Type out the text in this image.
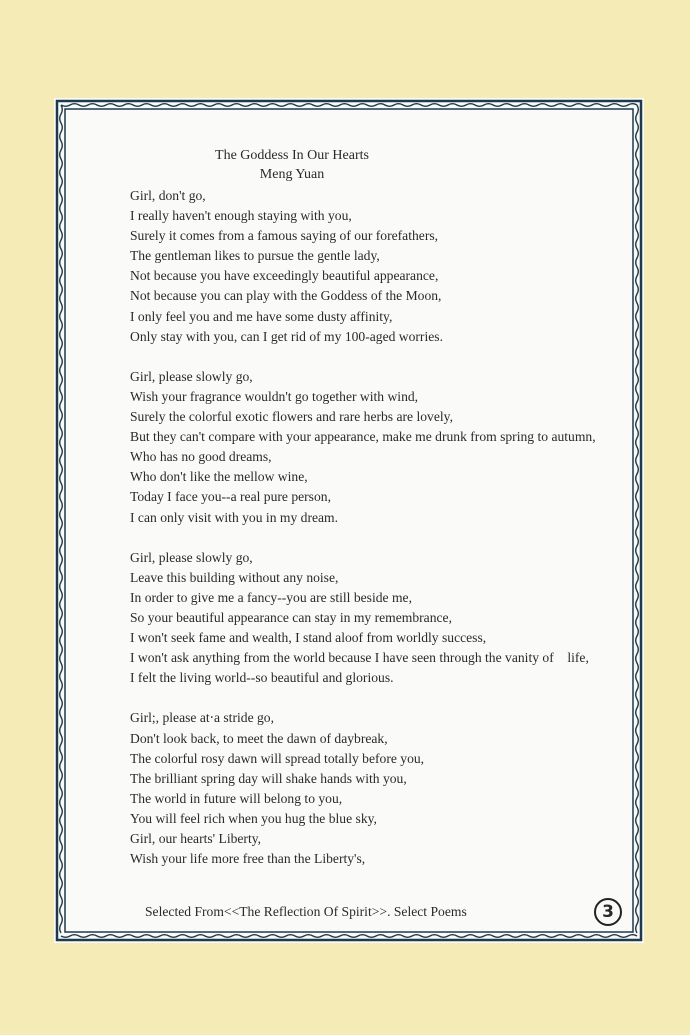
The Goddess In Our Hearts
Meng Yuan
Girl, don't go,
I really haven't enough staying with you,
Surely it comes from a famous saying of our forefathers,
The gentleman likes to pursue the gentle lady,
Not because you have exceedingly beautiful appearance,
Not because you can play with the Goddess of the Moon,
I only feel you and me have some dusty affinity,
Only stay with you, can I get rid of my 100-aged worries.
Girl, please slowly go,
Wish your fragrance wouldn't go together with wind,
Surely the colorful exotic flowers and rare herbs are lovely,
But they can't compare with your appearance, make me drunk from spring to autumn,
Who has no good dreams,
Who don't like the mellow wine,
Today I face you--a real pure person,
I can only visit with you in my dream.
Girl, please slowly go,
Leave this building without any noise,
In order to give me a fancy--you are still beside me,
So your beautiful appearance can stay in my remembrance,
I won't seek fame and wealth, I stand aloof from worldly success,
I won't ask anything from the world because I have seen through the vanity of    life,
I felt the living world--so beautiful and glorious.
Girl;, please at‧a stride go,
Don't look back, to meet the dawn of daybreak,
The colorful rosy dawn will spread totally before you,
The brilliant spring day will shake hands with you,
The world in future will belong to you,
You will feel rich when you hug the blue sky,
Girl, our hearts' Liberty,
Wish your life more free than the Liberty's,
Selected From<<The Reflection Of Spirit>>. Select Poems	3
